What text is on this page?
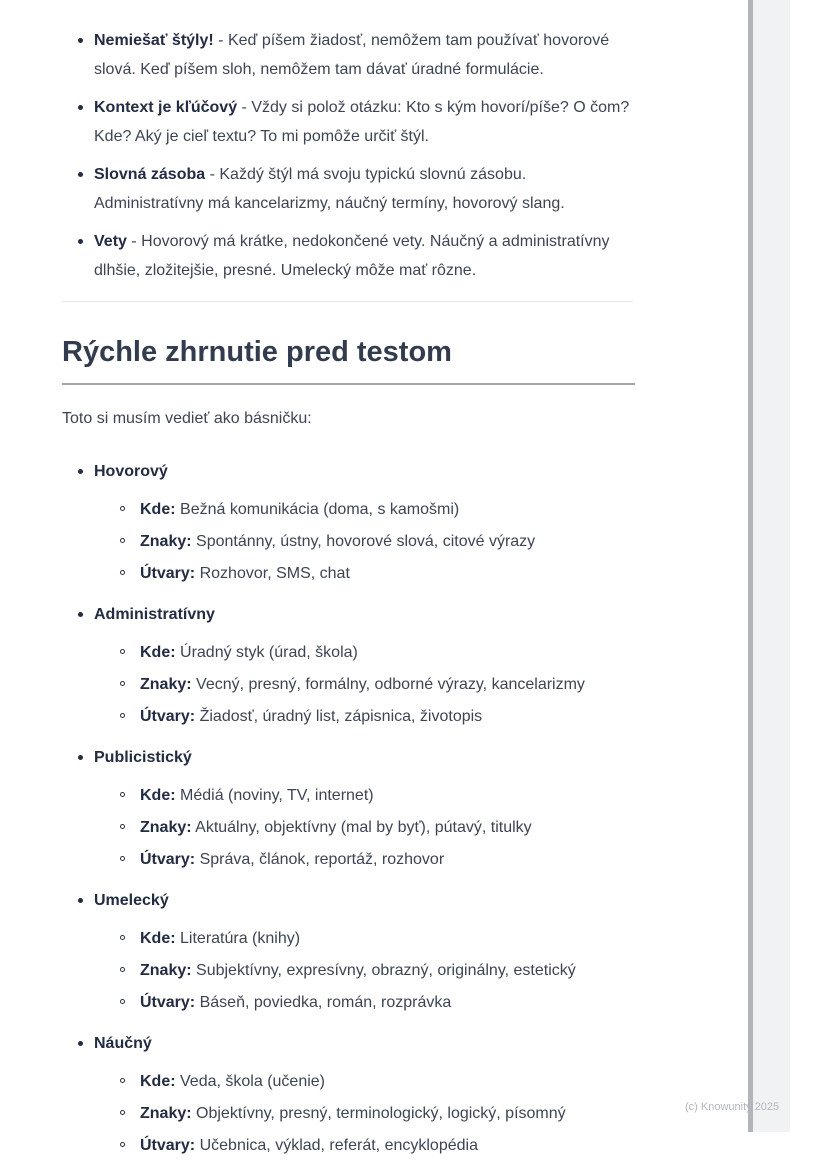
Nemiešať štýly! - Keď píšem žiadosť, nemôžem tam používať hovorové slová. Keď píšem sloh, nemôžem tam dávať úradné formulácie.

Kontext je kľúčový - Vždy si polož otázku: Kto s kým hovorí/píše? O čom? Kde? Aký je cieľ textu? To mi pomôže určiť štýl.

Slovná zásoba - Každý štýl má svoju typickú slovnú zásobu. Administratívny má kancelarizmy, náučný termíny, hovorový slang.

Vety - Hovorový má krátke, nedokončené vety. Náučný a administratívny dlhšie, zložitejšie, presné. Umelecký môže mať rôzne.

Rýchle zhrnutie pred testom

Toto si musím vedieť ako básničku:

Hovorový

Kde: Bežná komunikácia (doma, s kamošmi)

Znaky: Spontánny, ústny, hovorové slová, citové výrazy

Útvary: Rozhovor, SMS, chat

Administratívny

Kde: Úradný styk (úrad, škola)

Znaky: Vecný, presný, formálny, odborné výrazy, kancelarizmy

Útvary: Žiadosť, úradný list, zápisnica, životopis

Publicistický

Kde: Médiá (noviny, TV, internet)

Znaky: Aktuálny, objektívny (mal by byť), pútavý, titulky

Útvary: Správa, článok, reportáž, rozhovor

Umelecký

Kde: Literatúra (knihy)

Znaky: Subjektívny, expresívny, obrazný, originálny, estetický

Útvary: Báseň, poviedka, román, rozprávka

Náučný

Kde: Veda, škola (učenie)

Znaky: Objektívny, presný, terminologický, logický, písomný

Útvary: Učebnica, výklad, referát, encyklopédia

(c) Knowunity 2025
